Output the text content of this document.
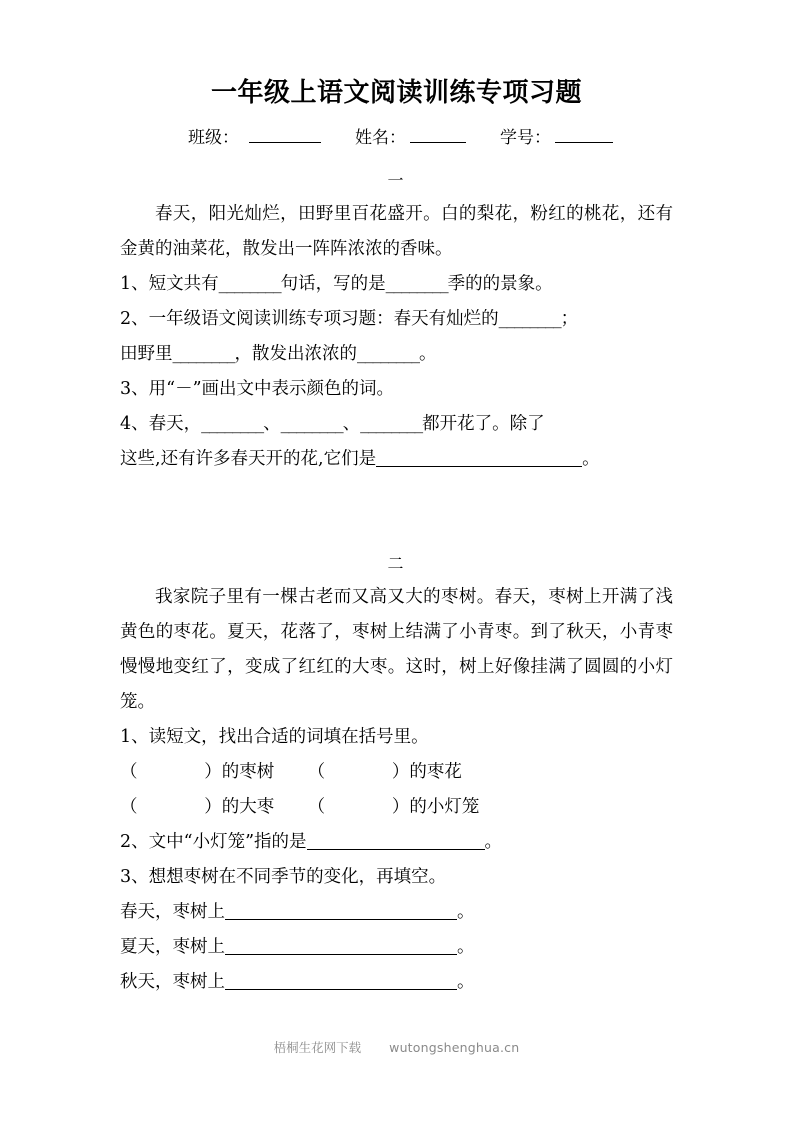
一年级上语文阅读训练专项习题
班级：	姓名：	学号：
一

春天，阳光灿烂，田野里百花盛开。白的梨花，粉红的桃花，还有金黄的油菜花，散发出一阵阵浓浓的香味。

1、短文共有________句话，写的是________季的的景象。

2、一年级语文阅读训练专项习题：春天有灿烂的________；

田野里________，散发出浓浓的________。

3、用“－”画出文中表示颜色的词。

4、春天，________、________、________都开花了。除了

这些,还有许多春天开的花,它们是	。

二

我家院子里有一棵古老而又高又大的枣树。春天，枣树上开满了浅黄色的枣花。夏天，花落了，枣树上结满了小青枣。到了秋天，小青枣慢慢地变红了，变成了红红的大枣。这时，树上好像挂满了圆圆的小灯笼。

1、读短文，找出合适的词填在括号里。

（	）的枣树 （	）的枣花

（	）的大枣 （	）的小灯笼

2、文中“小灯笼”指的是	。

3、想想枣树在不同季节的变化，再填空。

春天，枣树上	。

夏天，枣树上	。

秋天，枣树上	。

梧桐生花网下载 wutongshenghua.cn
